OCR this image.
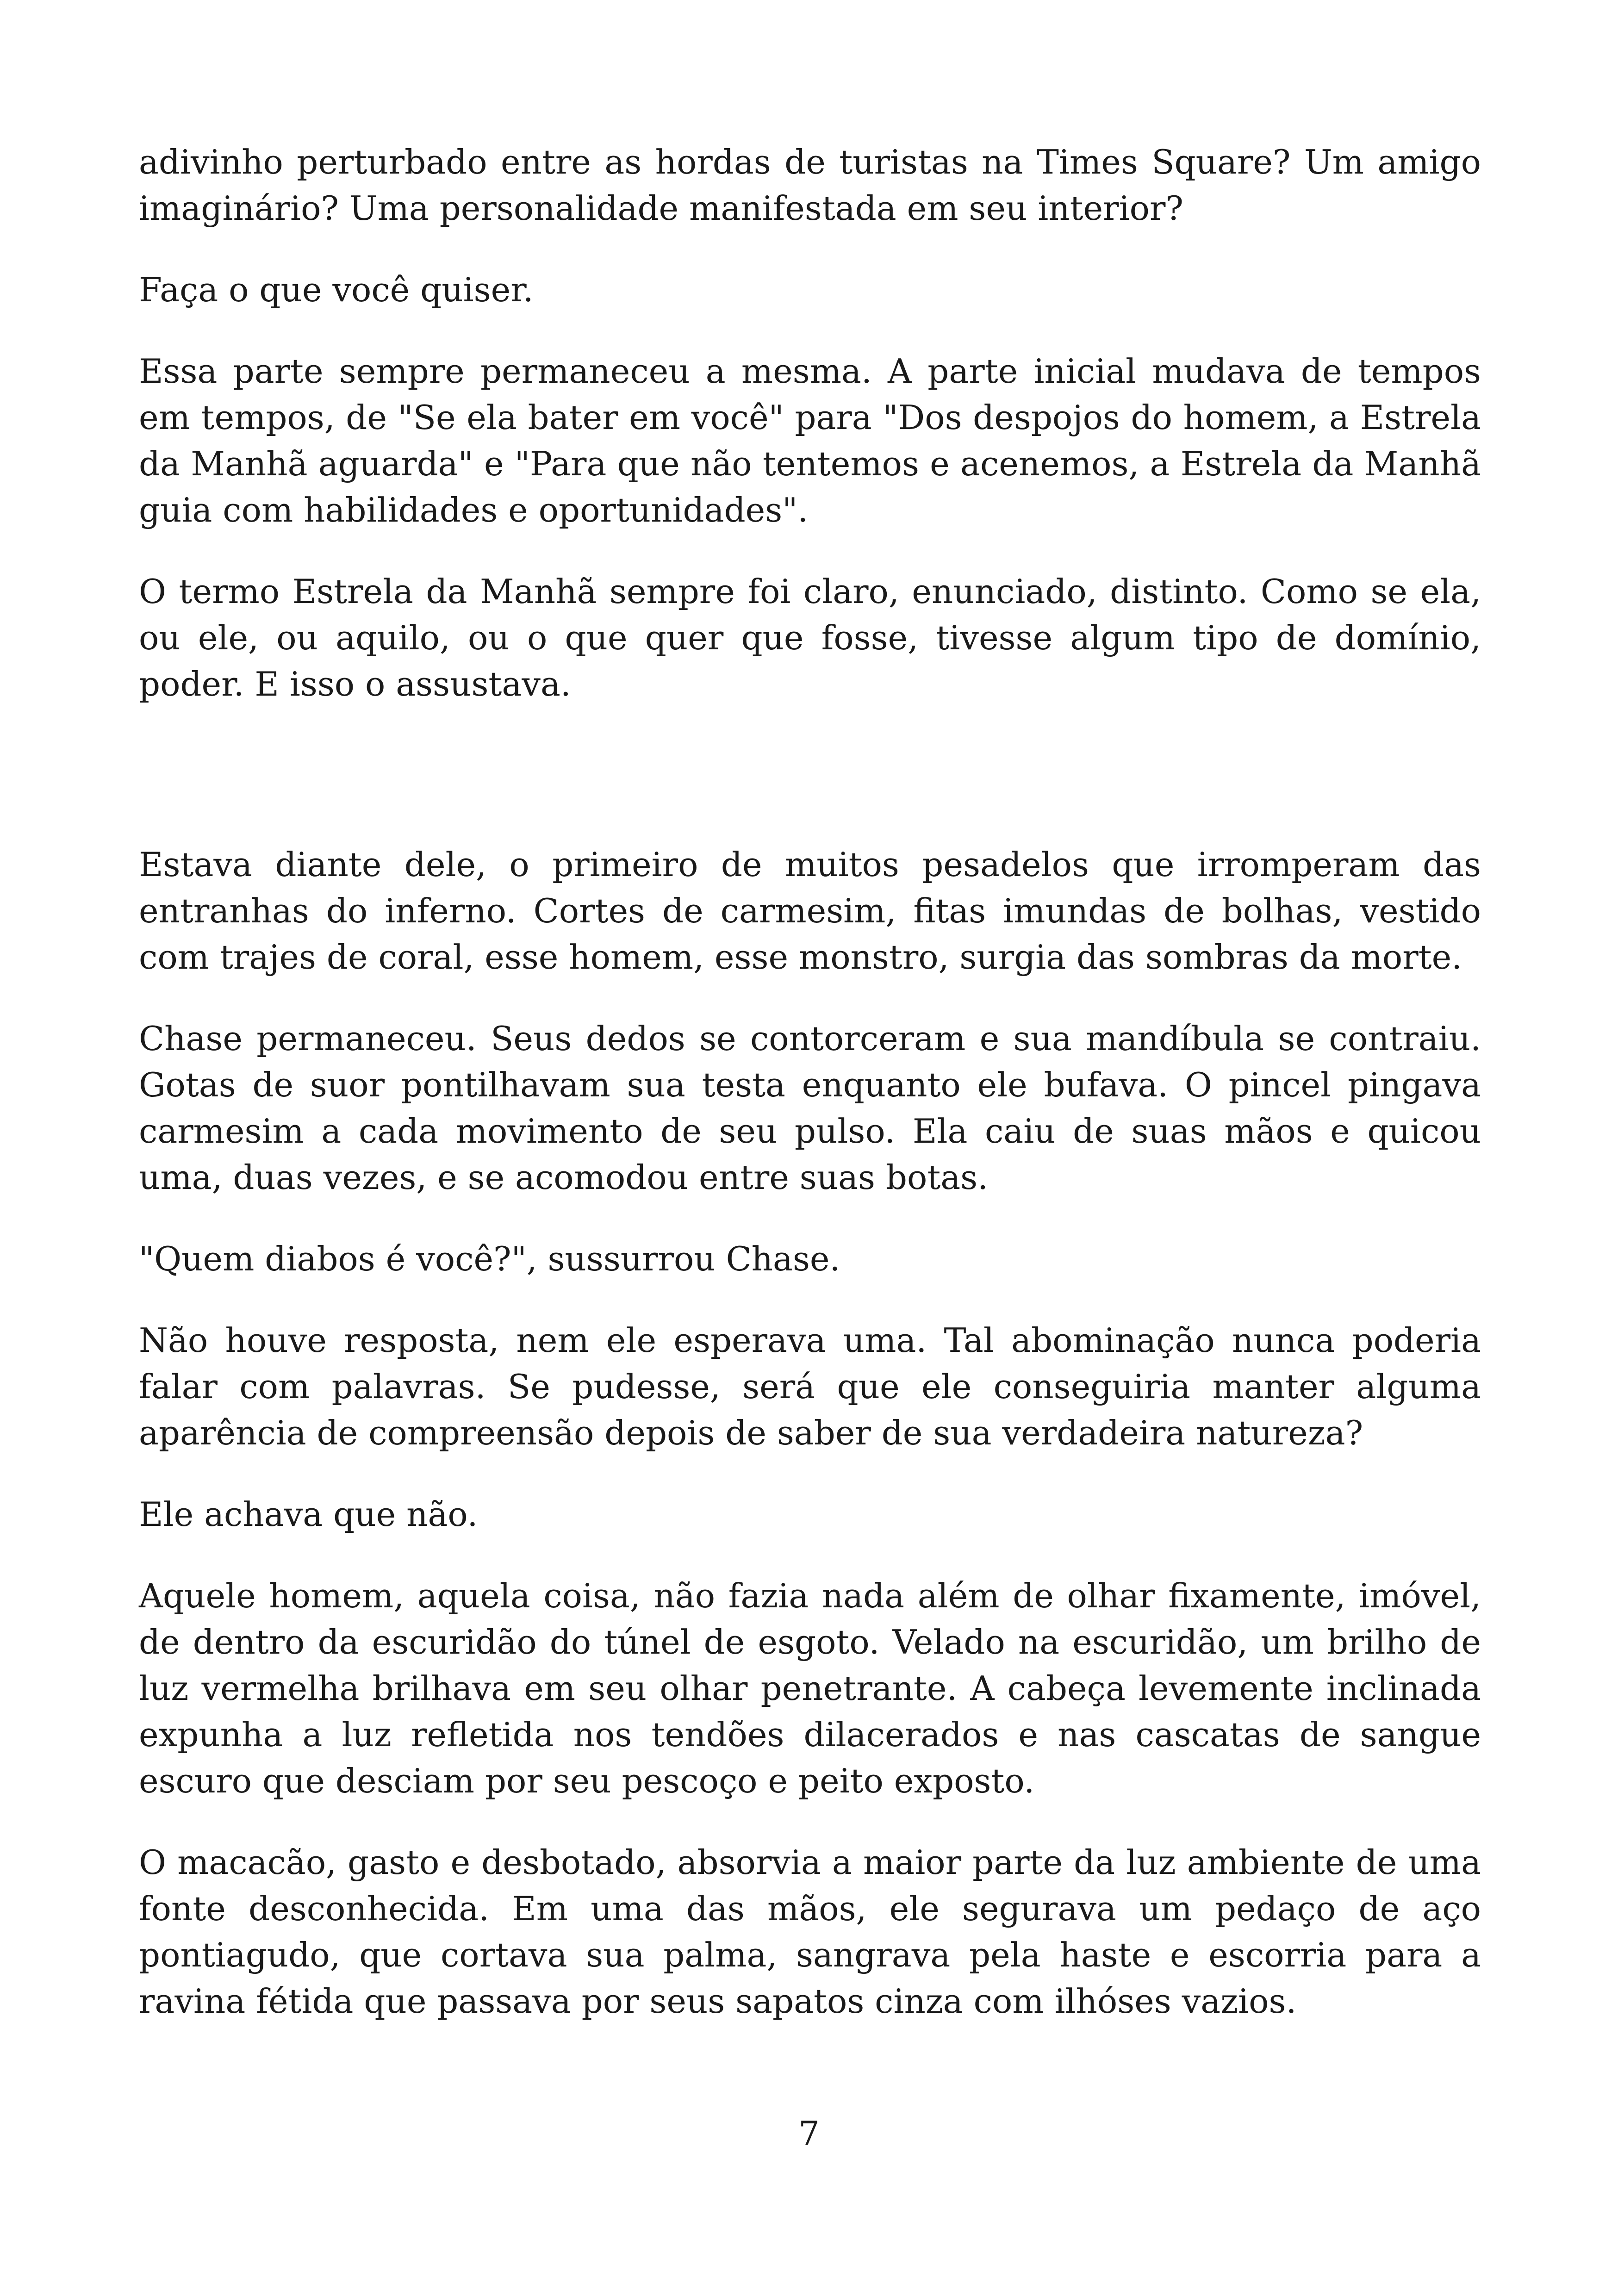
adivinho perturbado entre as hordas de turistas na Times Square? Um amigo imaginário? Uma personalidade manifestada em seu interior?

Faça o que você quiser.

Essa parte sempre permaneceu a mesma. A parte inicial mudava de tempos em tempos, de "Se ela bater em você" para "Dos despojos do homem, a Estrela da Manhã aguarda" e "Para que não tentemos e acenemos, a Estrela da Manhã guia com habilidades e oportunidades".

O termo Estrela da Manhã sempre foi claro, enunciado, distinto. Como se ela, ou ele, ou aquilo, ou o que quer que fosse, tivesse algum tipo de domínio, poder. E isso o assustava.

Estava diante dele, o primeiro de muitos pesadelos que irromperam das entranhas do inferno. Cortes de carmesim, fitas imundas de bolhas, vestido com trajes de coral, esse homem, esse monstro, surgia das sombras da morte.

Chase permaneceu. Seus dedos se contorceram e sua mandíbula se contraiu. Gotas de suor pontilhavam sua testa enquanto ele bufava. O pincel pingava carmesim a cada movimento de seu pulso. Ela caiu de suas mãos e quicou uma, duas vezes, e se acomodou entre suas botas.

"Quem diabos é você?", sussurrou Chase.

Não houve resposta, nem ele esperava uma. Tal abominação nunca poderia falar com palavras. Se pudesse, será que ele conseguiria manter alguma aparência de compreensão depois de saber de sua verdadeira natureza?

Ele achava que não.

Aquele homem, aquela coisa, não fazia nada além de olhar fixamente, imóvel, de dentro da escuridão do túnel de esgoto. Velado na escuridão, um brilho de luz vermelha brilhava em seu olhar penetrante. A cabeça levemente inclinada expunha a luz refletida nos tendões dilacerados e nas cascatas de sangue escuro que desciam por seu pescoço e peito exposto.

O macacão, gasto e desbotado, absorvia a maior parte da luz ambiente de uma fonte desconhecida. Em uma das mãos, ele segurava um pedaço de aço pontiagudo, que cortava sua palma, sangrava pela haste e escorria para a ravina fétida que passava por seus sapatos cinza com ilhóses vazios.

7
